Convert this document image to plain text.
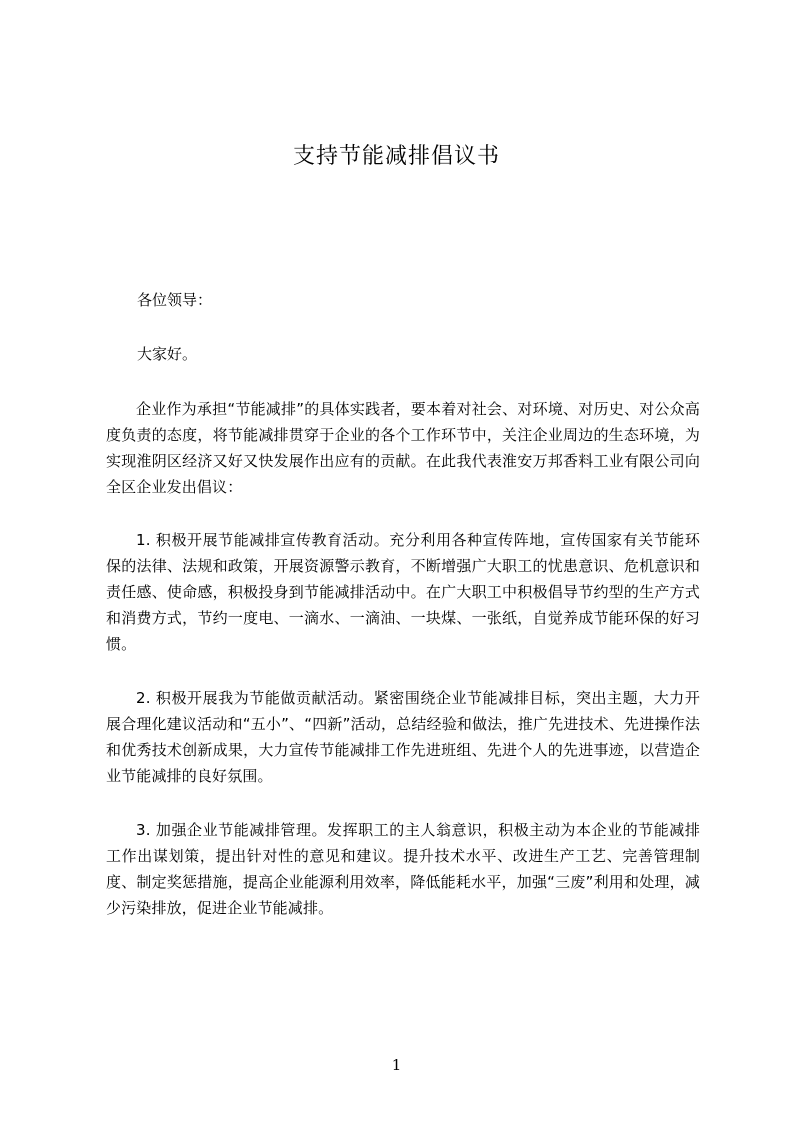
支持节能减排倡议书

各位领导：

大家好。

企业作为承担“节能减排”的具体实践者，要本着对社会、对环境、对历史、对公众高度负责的态度，将节能减排贯穿于企业的各个工作环节中，关注企业周边的生态环境，为实现淮阴区经济又好又快发展作出应有的贡献。在此我代表淮安万邦香料工业有限公司向全区企业发出倡议：

1. 积极开展节能减排宣传教育活动。充分利用各种宣传阵地，宣传国家有关节能环保的法律、法规和政策，开展资源警示教育，不断增强广大职工的忧患意识、危机意识和责任感、使命感，积极投身到节能减排活动中。在广大职工中积极倡导节约型的生产方式和消费方式，节约一度电、一滴水、一滴油、一块煤、一张纸，自觉养成节能环保的好习惯。

2. 积极开展我为节能做贡献活动。紧密围绕企业节能减排目标，突出主题，大力开展合理化建议活动和“五小”、“四新”活动，总结经验和做法，推广先进技术、先进操作法和优秀技术创新成果，大力宣传节能减排工作先进班组、先进个人的先进事迹，以营造企业节能减排的良好氛围。

3. 加强企业节能减排管理。发挥职工的主人翁意识，积极主动为本企业的节能减排工作出谋划策，提出针对性的意见和建议。提升技术水平、改进生产工艺、完善管理制度、制定奖惩措施，提高企业能源利用效率，降低能耗水平，加强“三废”利用和处理，减少污染排放，促进企业节能减排。

1
